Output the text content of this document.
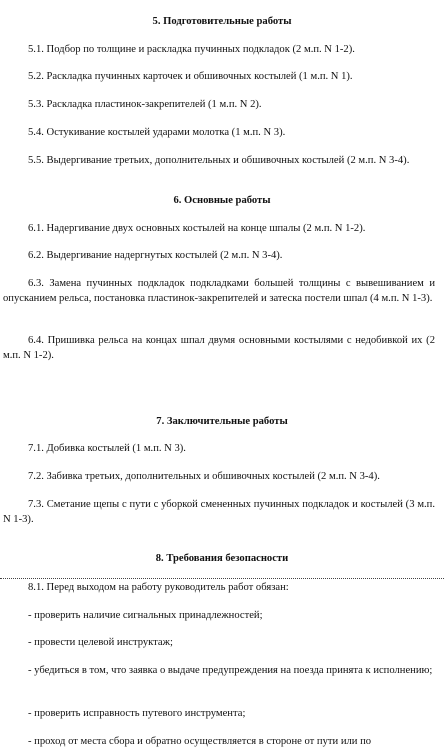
5. Подготовительные работы

5.1. Подбор по толщине и раскладка пучинных подкладок (2 м.п. N 1-2).

5.2. Раскладка пучинных карточек и обшивочных костылей (1 м.п. N 1).

5.3. Раскладка пластинок-закрепителей (1 м.п. N 2).

5.4. Остукивание костылей ударами молотка (1 м.п. N 3).

5.5. Выдергивание третьих, дополнительных и обшивочных костылей (2 м.п. N 3-4).

6. Основные работы

6.1. Надергивание двух основных костылей на конце шпалы (2 м.п. N 1-2).

6.2. Выдергивание надергнутых костылей (2 м.п. N 3-4).

6.3. Замена пучинных подкладок подкладками большей толщины с вывешиванием и опусканием рельса, постановка пластинок-закрепителей и затеска постели шпал (4 м.п. N 1-3).

6.4. Пришивка рельса на концах шпал двумя основными костылями с недобивкой их (2 м.п. N 1-2).

7. Заключительные работы

7.1. Добивка костылей (1 м.п. N 3).

7.2. Забивка третьих, дополнительных и обшивочных костылей (2 м.п. N 3-4).

7.3. Сметание щепы с пути с уборкой смененных пучинных подкладок и костылей (3 м.п. N 1-3).

8. Требования безопасности

8.1. Перед выходом на работу руководитель работ обязан:

- проверить наличие сигнальных принадлежностей;

- провести целевой инструктаж;

- убедиться в том, что заявка о выдаче предупреждения на поезда принята к исполнению;

- проверить исправность путевого инструмента;

- проход от места сбора и обратно осуществляется в стороне от пути или по
